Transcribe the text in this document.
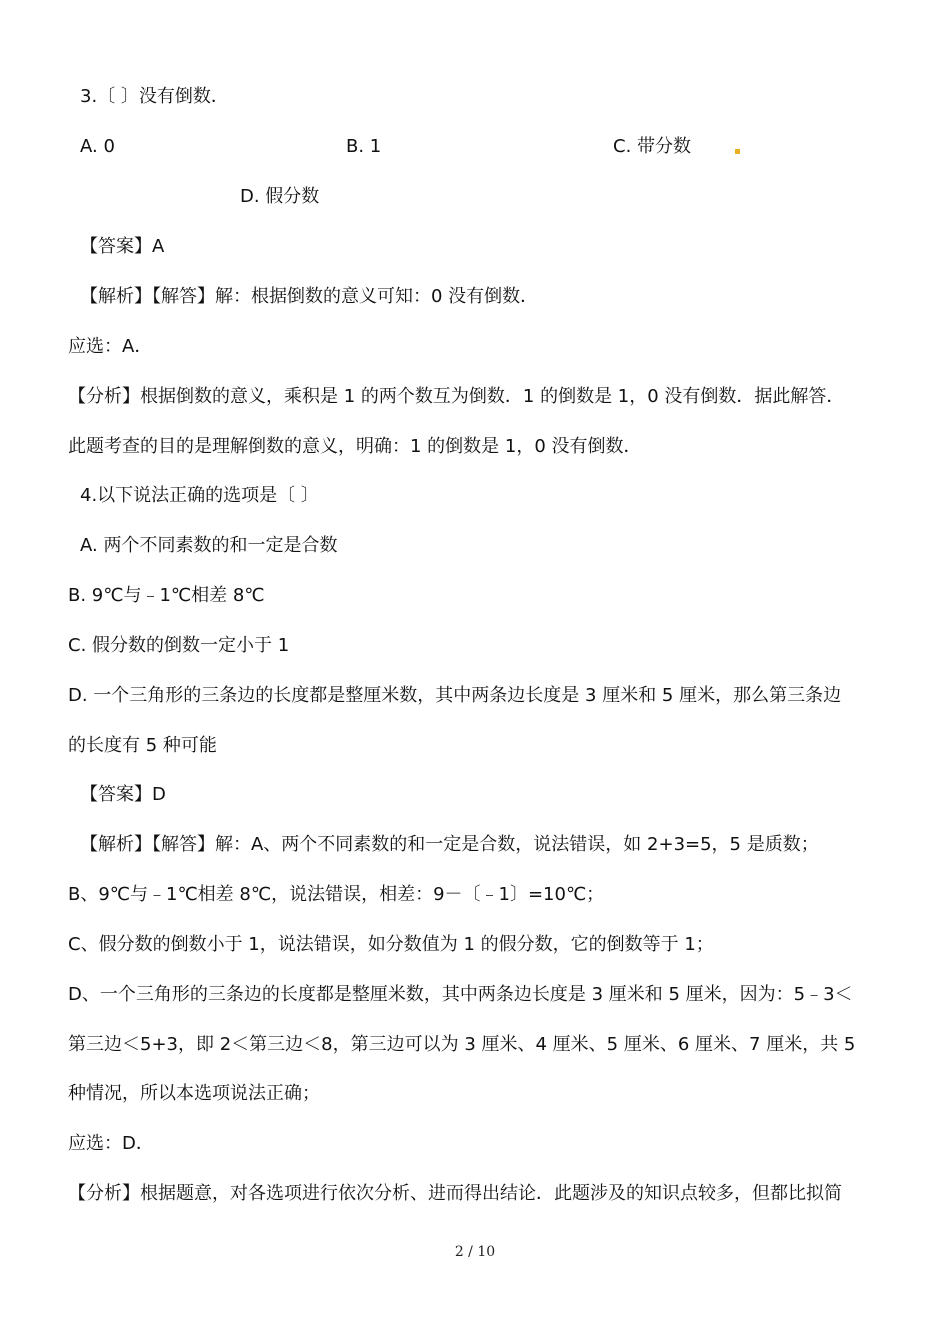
3.〔 〕没有倒数．
A. 0	B. 1	C. 带分数
D. 假分数
【答案】A
【解析】【解答】解：根据倒数的意义可知：0 没有倒数．
应选：A．
【分析】根据倒数的意义，乘积是 1 的两个数互为倒数．1 的倒数是 1，0 没有倒数．据此解答．
此题考查的目的是理解倒数的意义，明确：1 的倒数是 1，0 没有倒数．
4.以下说法正确的选项是〔 〕
A. 两个不同素数的和一定是合数
B. 9℃与﹣1℃相差 8℃
C. 假分数的倒数一定小于 1
D. 一个三角形的三条边的长度都是整厘米数，其中两条边长度是 3 厘米和 5 厘米，那么第三条边
的长度有 5 种可能
【答案】D
【解析】【解答】解：A、两个不同素数的和一定是合数，说法错误，如 2+3=5，5 是质数；
B、9℃与﹣1℃相差 8℃，说法错误，相差：9－〔﹣1〕=10℃；
C、假分数的倒数小于 1，说法错误，如分数值为 1 的假分数，它的倒数等于 1；
D、一个三角形的三条边的长度都是整厘米数，其中两条边长度是 3 厘米和 5 厘米，因为：5﹣3＜
第三边＜5+3，即 2＜第三边＜8，第三边可以为 3 厘米、4 厘米、5 厘米、6 厘米、7 厘米，共 5
种情况，所以本选项说法正确；
应选：D．
【分析】根据题意，对各选项进行依次分析、进而得出结论．此题涉及的知识点较多，但都比拟简
2 / 10
